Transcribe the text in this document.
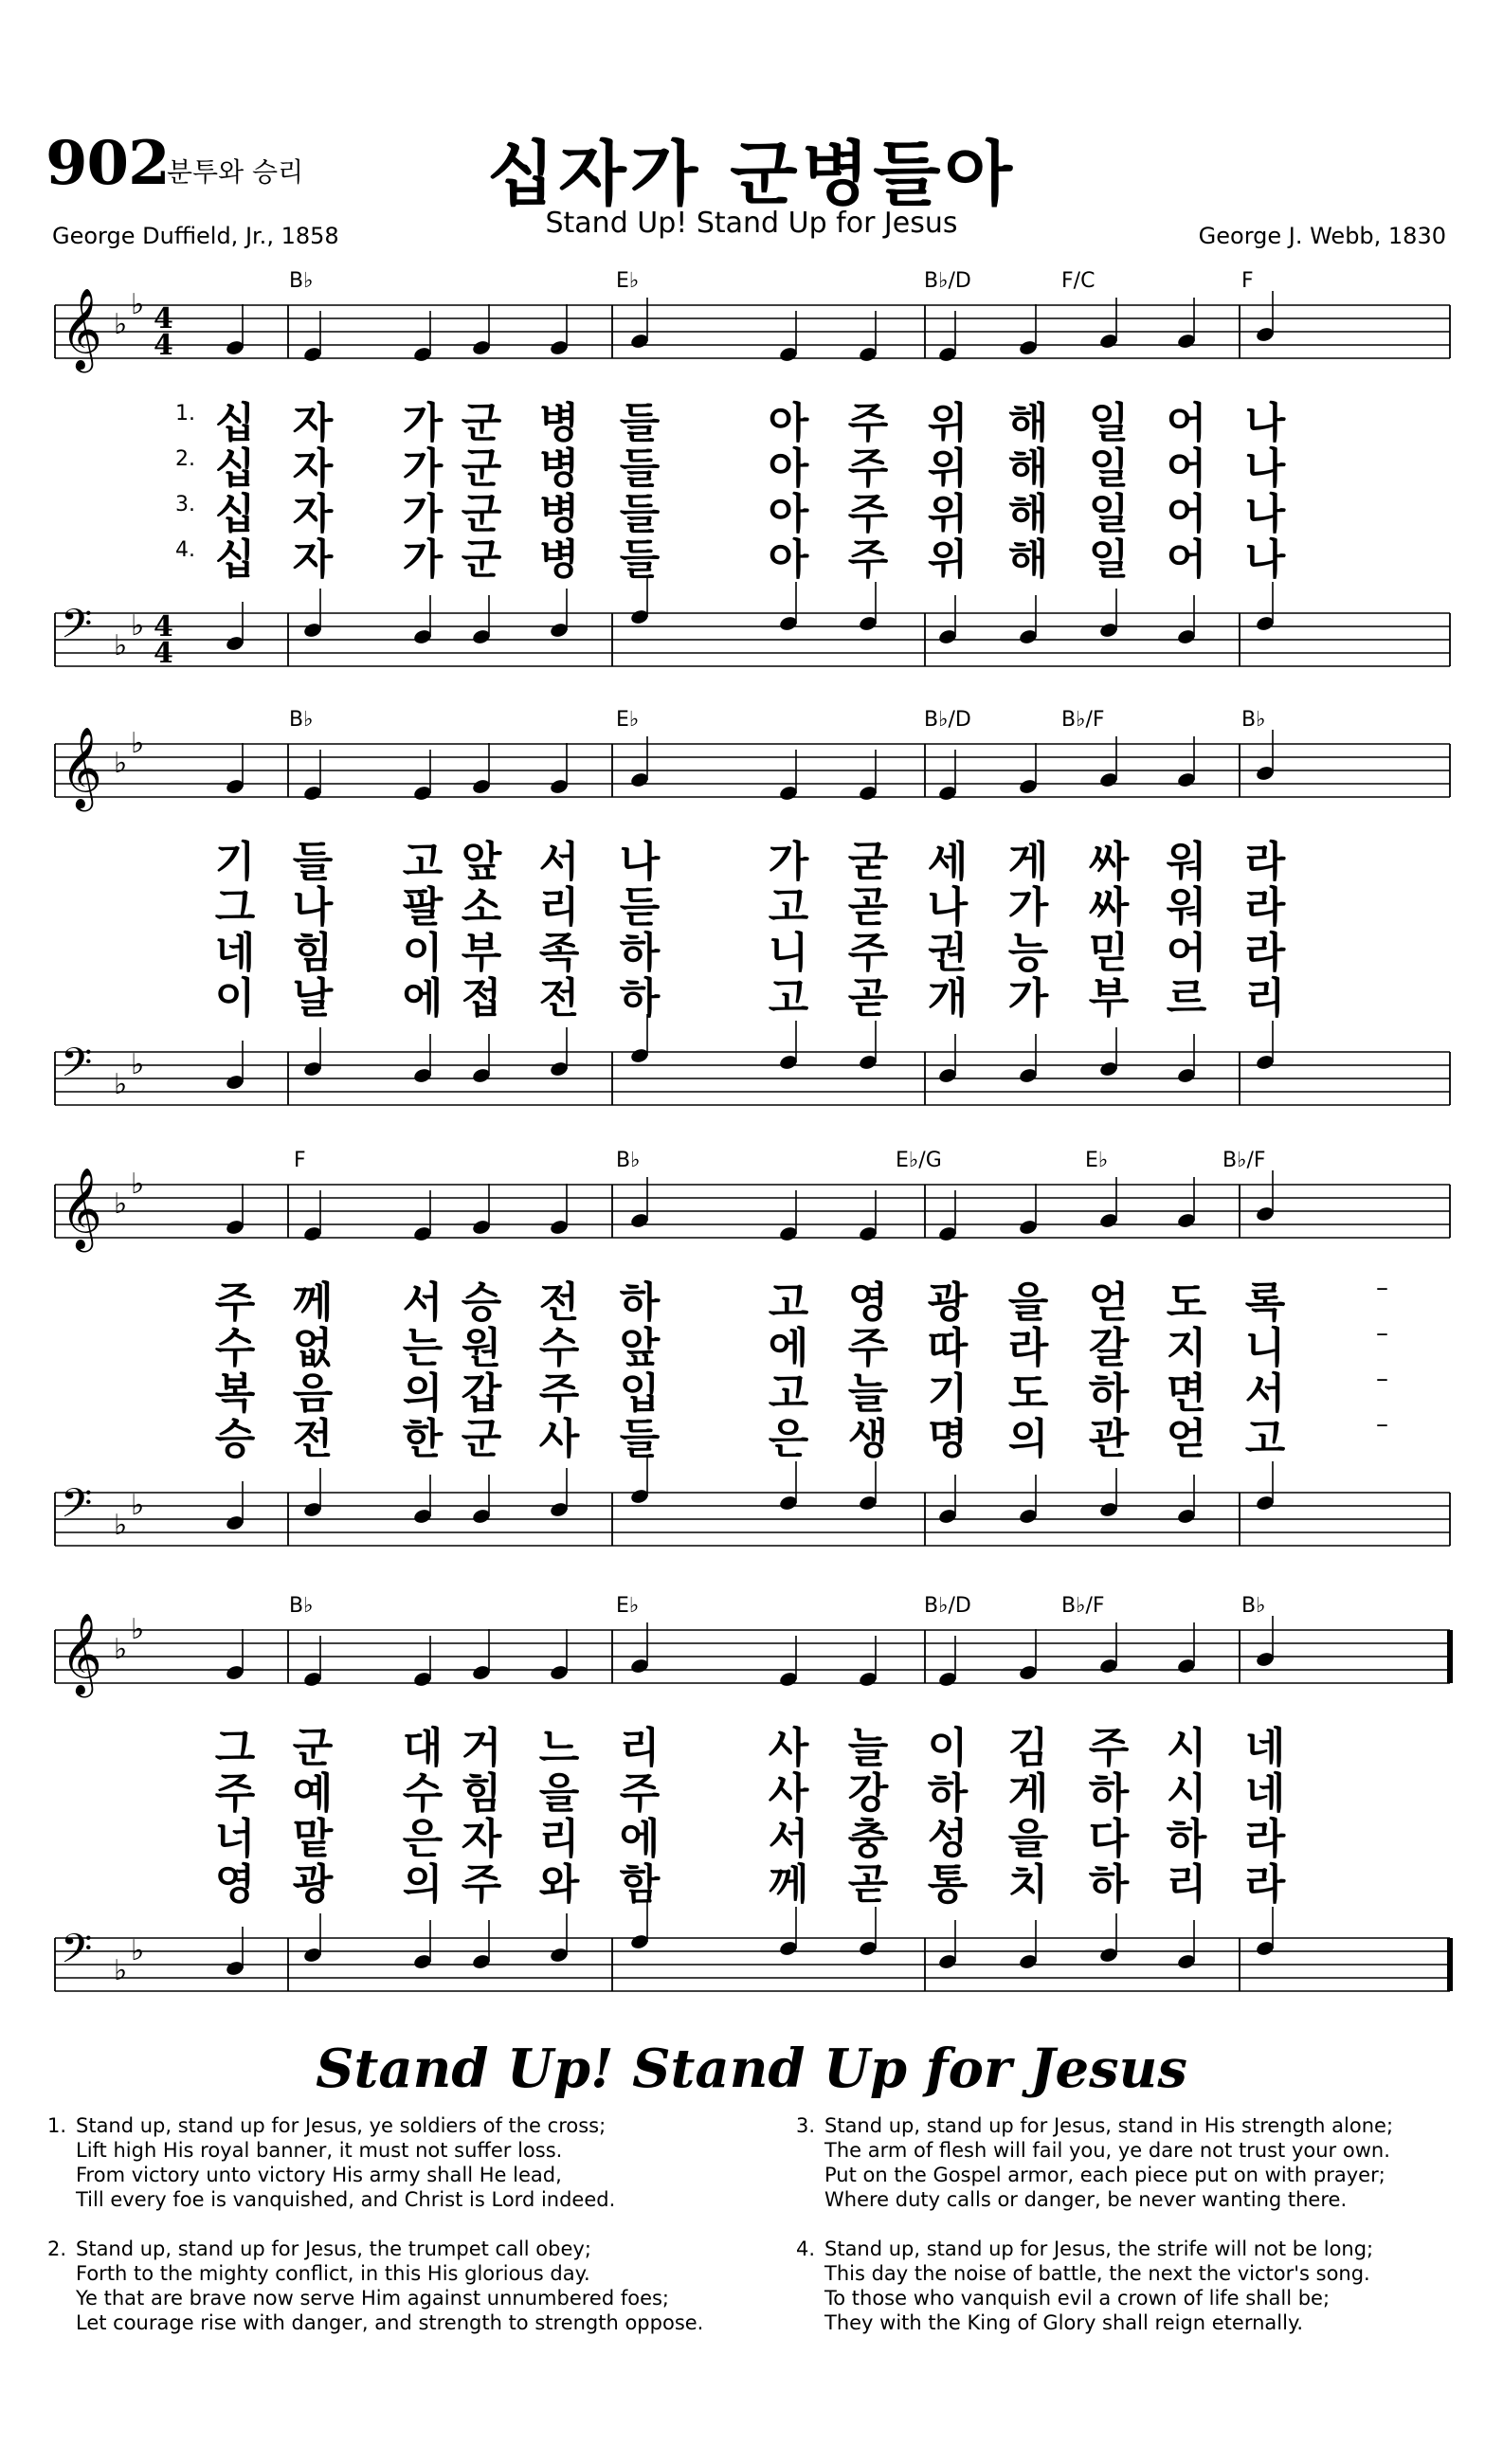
902
분투와 승리	십자가 군병들아
Stand Up! Stand Up for Jesus
George Duffield, Jr., 1858	George J. Webb, 1830
𝄞 ♭
♭ 4
4
𝄢 ♭
♭ 4
4
B♭	E♭	B♭/D	F/C	F
1. 십 자 가 군 병 들	아 주 위 해 일 어 나
2. 십 자 가 군 병 들	아 주 위 해 일 어 나
3. 십 자 가 군 병 들	아 주 위 해 일 어 나
4. 십 자 가 군 병 들	아 주 위 해 일 어 나
𝄞 ♭
♭
𝄢 ♭
♭
B♭	E♭	B♭/D	B♭/F	B♭
기 들 고 앞 서 나	가 굳 세 게 싸 워 라
그 나 팔 소 리 듣	고 곧 나 가 싸 워 라
네 힘 이 부 족 하	니 주 권 능 믿 어 라
이 날 에 접 전 하	고 곧 개 가 부 르 리
𝄞 ♭
♭
𝄢 ♭
♭
F	B♭	E♭/G	E♭	B♭/F
주 께 서 승 전 하	고 영 광 을 얻 도 록	–
수 없 는 원 수 앞	에 주 따 라 갈 지 니	–
복 음 의 갑 주 입	고 늘 기 도 하 면 서	–
승 전 한 군 사 들	은 생 명 의 관 얻 고	–
𝄞 ♭
♭
𝄢 ♭
♭
B♭	E♭	B♭/D	B♭/F	B♭
그 군 대 거 느 리	사 늘 이 김 주 시 네
주 예 수 힘 을 주	사 강 하 게 하 시 네
너 맡 은 자 리 에	서 충 성 을 다 하 라
영 광 의 주 와 함	께 곧 통 치 하 리 라
Stand Up! Stand Up for Jesus
1. Stand up, stand up for Jesus, ye soldiers of the cross;
Lift high His royal banner, it must not suffer loss.
From victory unto victory His army shall He lead,
Till every foe is vanquished, and Christ is Lord indeed.
2. Stand up, stand up for Jesus, the trumpet call obey;
Forth to the mighty conflict, in this His glorious day.
Ye that are brave now serve Him against unnumbered foes;
Let courage rise with danger, and strength to strength oppose.
3. Stand up, stand up for Jesus, stand in His strength alone;
The arm of flesh will fail you, ye dare not trust your own.
Put on the Gospel armor, each piece put on with prayer;
Where duty calls or danger, be never wanting there.
4. Stand up, stand up for Jesus, the strife will not be long;
This day the noise of battle, the next the victor's song.
To those who vanquish evil a crown of life shall be;
They with the King of Glory shall reign eternally.
